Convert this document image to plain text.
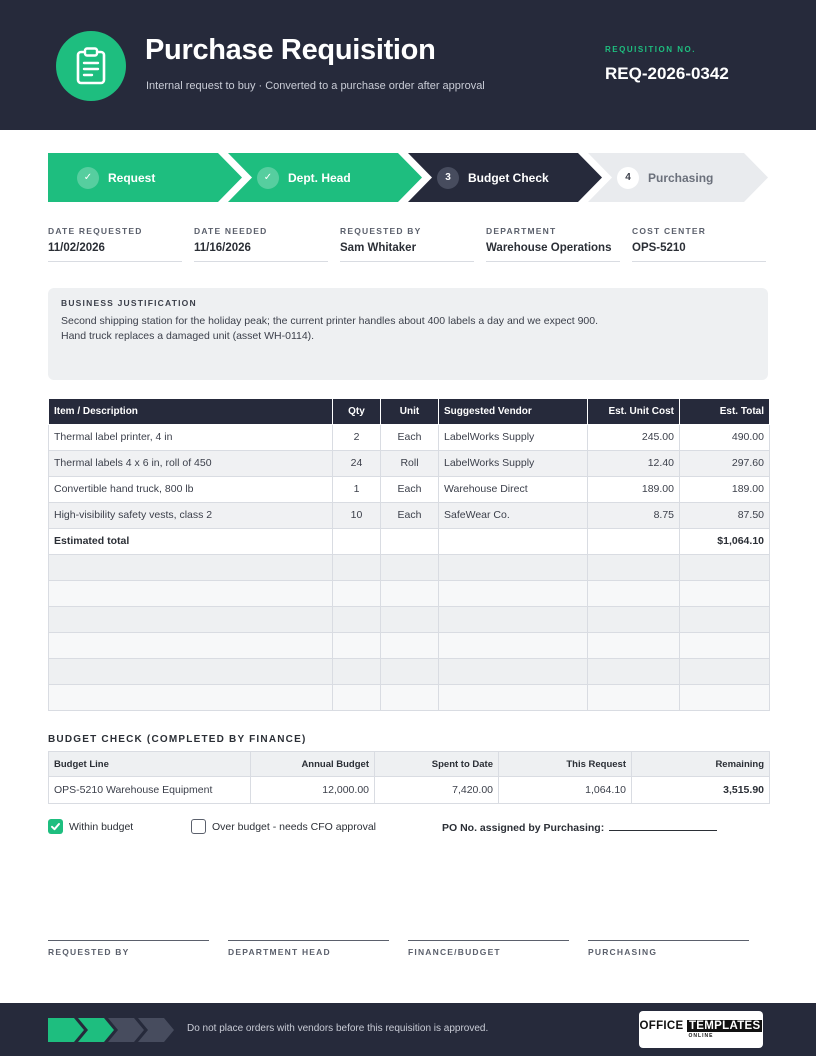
Purchase Requisition
Internal request to buy · Converted to a purchase order after approval
REQUISITION NO.
REQ-2026-0342
✓	Request	✓	Dept. Head	3	Budget Check	4	Purchasing
DATE REQUESTED
11/02/2026
DATE NEEDED
11/16/2026
REQUESTED BY
Sam Whitaker
DEPARTMENT
Warehouse Operations
COST CENTER
OPS-5210
BUSINESS JUSTIFICATION
Second shipping station for the holiday peak; the current printer handles about 400 labels a day and we expect 900.
Hand truck replaces a damaged unit (asset WH-0114).
Item / Description	Qty	Unit	Suggested Vendor	Est. Unit Cost	Est. Total
Thermal label printer, 4 in	2	Each	LabelWorks Supply	245.00	490.00
Thermal labels 4 x 6 in, roll of 450	24	Roll	LabelWorks Supply	12.40	297.60
Convertible hand truck, 800 lb	1	Each	Warehouse Direct	189.00	189.00
High-visibility safety vests, class 2	10	Each	SafeWear Co.	8.75	87.50
Estimated total					$1,064.10

BUDGET CHECK (COMPLETED BY FINANCE)
Budget Line	Annual Budget	Spent to Date	This Request	Remaining
OPS-5210 Warehouse Equipment	12,000.00	7,420.00	1,064.10	3,515.90
Within budget	Over budget - needs CFO approval	PO No. assigned by Purchasing:
REQUESTED BY	DEPARTMENT HEAD	FINANCE/BUDGET	PURCHASING
Do not place orders with vendors before this requisition is approved.	OFFICE TEMPLATES
ONLINE
